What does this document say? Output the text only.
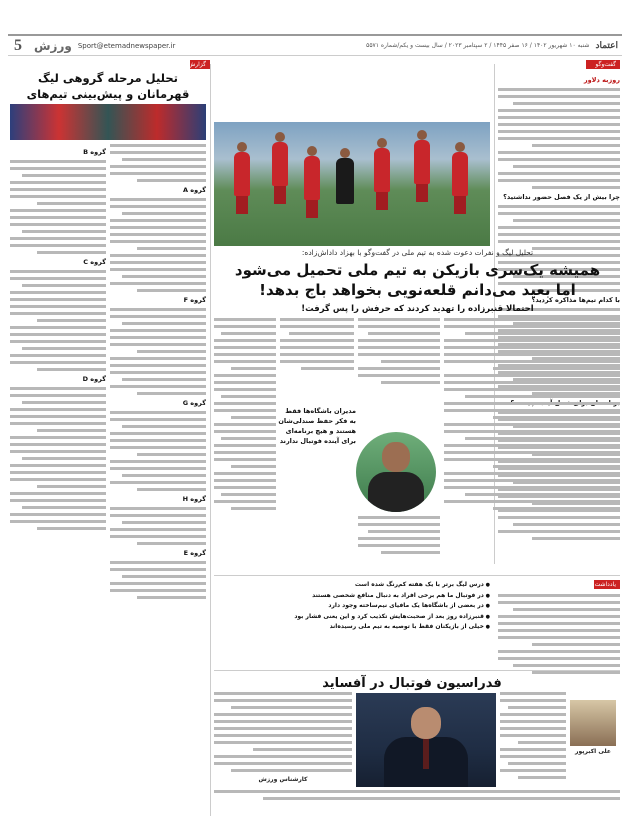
5 ورزش Sport@etemadnewspaper.ir	شنبه ۱۰ شهریور ۱۴۰۲ / ۱۶ صفر ۱۴۴۵ / ۲ سپتامبر ۲۰۲۳ / سال بیست و یکم/شماره ۵۵۷۱ اعتماد
گزارش	گفت‌وگو
یادداشت
تحلیل مرحله گروهی لیگ قهرمانان و پیش‌بینی تیم‌های
گروه B
گروه C
گروه D
گروه A
گروه F
گروه G
گروه H
گروه E
روزبه دلاور
چرا بیش از یک فصل حضور نداشتید؟
با کدام تیم‌ها مذاکره کردید؟
تحلیل لیگ و نفرات دعوت شده به تیم ملی در گفت‌وگو با بهزاد داداش‌زاده:
همیشه یک‌سری بازیکن به تیم ملی تحمیل می‌شود
اما بعید می‌دانم قلعه‌نویی بخواهد باج بدهد!
احتمالا قنبرزاده را تهدید کردند که حرفش را پس گرفت!
مدیران باشگاه‌ها فقط به فکر حفظ صندلی‌شان هستند و هیچ برنامه‌ای برای آینده فوتبال ندارند
● درس لیگ برتر با یک هفته کم‌رنگ شده است
● در فوتبال ما هم برخی افراد به دنبال منافع شخصی هستند
● در بعضی از باشگاه‌ها یک مافیای نیم‌ساخته وجود دارد
● قنبرزاده روز بعد از صحبت‌هایش تکذیب کرد و این یعنی فشار بود
● خیلی از بازیکنان فقط با توصیه به تیم ملی رسیده‌اند
فدراسیون فوتبال در آفساید
کارشناس ورزش
علی اکبرپور
